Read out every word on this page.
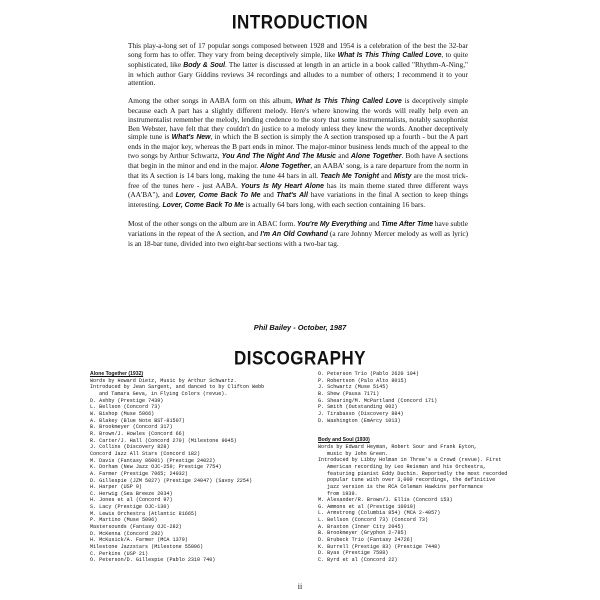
INTRODUCTION

This play-a-long set of 17 popular songs composed between 1928 and 1954 is a celebration of the best the 32-bar song form has to offer. They vary from being deceptively simple, like What Is This Thing Called Love, to quite sophisticated, like Body & Soul. The latter is discussed at length in an article in a book called "Rhythm-A-Ning," in which author Gary Giddins reviews 34 recordings and alludes to a number of others; I recommend it to your attention.

Among the other songs in AABA form on this album, What Is This Thing Called Love is deceptively simple because each A part has a slightly different melody. Here's where knowing the words will really help even an instrumentalist remember the melody, lending credence to the story that some instrumentalists, notably saxophonist Ben Webster, have felt that they couldn't do justice to a melody unless they knew the words. Another deceptively simple tune is What's New, in which the B section is simply the A section transposed up a fourth - but the A part ends in the major key, whereas the B part ends in minor. The major-minor business lends much of the appeal to the two songs by Arthur Schwartz, You And The Night And The Music and Alone Together. Both have A sections that begin in the minor and end in the major. Alone Together, an AABA' song, is a rare departure from the norm in that its A section is 14 bars long, making the tune 44 bars in all. Teach Me Tonight and Misty are the most trick-free of the tunes here - just AABA. Yours Is My Heart Alone has its main theme stated three different ways (AA'BA"), and Lover, Come Back To Me and That's All have variations in the final A section to keep things interesting. Lover, Come Back To Me is actually 64 bars long, with each section containing 16 bars.

Most of the other songs on the album are in ABAC form. You're My Everything and Time After Time have subtle variations in the repeat of the A section, and I'm An Old Cowhand (a rare Johnny Mercer melody as well as lyric) is an 18-bar tune, divided into two eight-bar sections with a two-bar tag.

Phil Bailey - October, 1987
DISCOGRAPHY
Alone Together (1932)
Words by Howard Dietz, Music by Arthur Schwartz.
Introduced by Jean Sargent, and danced to by Clifton Webb
and Tamara Geva, in Flying Colors (revue).
D. Ashby (Prestige 7439)
L. Bellson (Concord 73)
W. Bishop (Muse 5066)
A. Blakey (Blue Note BST-81507)
B. Brookmeyer (Concord 317)
R. Brown/J. Howles (Concord 66)
R. Carter/J. Hall (Concord 270) (Milestone 9045)
J. Collins (Discovery 828)
Concord Jazz All Stars (Concord 182)
M. Davis (Fantasy 86001) (Prestige 24022)
K. Dorham (New Jazz OJC-259; Prestige 7754)
A. Farmer (Prestige 7065; 24032)
D. Gillespie (JZM 5027) (Prestige 24047) (Savoy 2254)
H. Harper (USP 9)
C. Herwig (Sea Breeze 2034)
H. Jones et al (Concord 97)
S. Lacy (Prestige OJC-130)
M. Lewis Orchestra (Atlantic 81665)
P. Martino (Muse 5096)
Mastersounds (Fantasy OJC-282)
D. McKenna (Concord 292)
H. McKusick/A. Farmer (MCA 1379)
Milestone Jazzstars (Milestone 55006)
C. Perkins (USP 21)
O. Peterson/D. Gillespie (Pablo 2310 740)
O. Peterson Trio (Pablo 2620 104)
P. Robertson (Palo Alto 8015)
J. Schwartz (Muse 5145)
B. Shew (Pausa 7171)
G. Shearing/M. McPartland (Concord 171)
P. Smith (Outstanding 002)
J. Tirabasso (Discovery 884)
D. Washington (EmArcy 1013)
Body and Soul (1930)
Words by Edward Heyman, Robert Sour and Frank Eyton,
music by John Green.
Introduced by Libby Holman in Three's a Crowd (revue). First
American recording by Leo Reisman and his Orchestra,
featuring pianist Eddy Duchin. Reportedly the most recorded
popular tune with over 3,000 recordings, the definitive
jazz version is the RCA Coleman Hawkins performance
from 1939.
M. Alexander/R. Brown/J. Ellis (Concord 153)
G. Ammons et al (Prestige 10019)
L. Armstrong (Columbia 854) (MCA 2-4057)
L. Bellson (Concord 73) (Concord 73)
A. Braxton (Inner City 2045)
B. Brookmeyer (Gryphon 2-785)
D. Brubeck Trio (Fantasy 24726)
K. Burrell (Prestige 83) (Prestige 7448)
D. Byas (Prestige 7598)
C. Byrd et al (Concord 22)
ii
